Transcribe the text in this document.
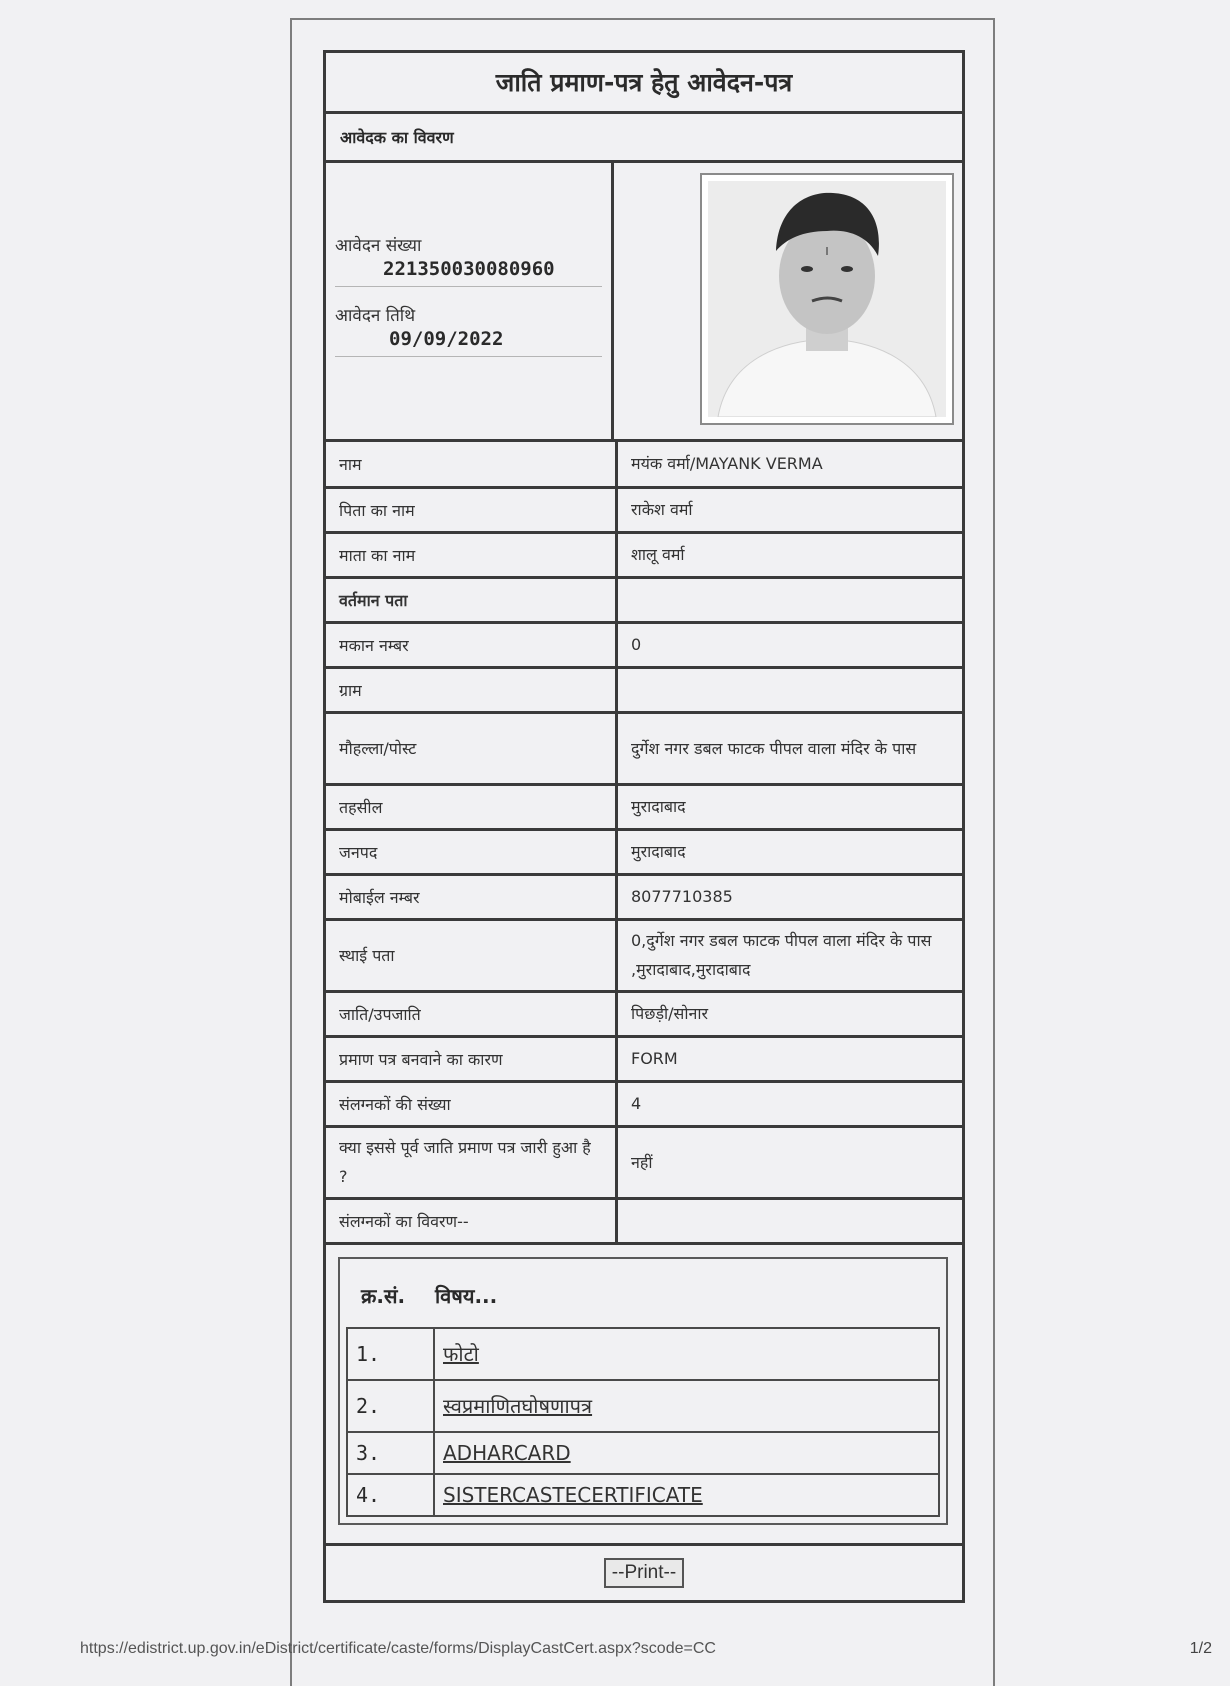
जाति प्रमाण-पत्र हेतु आवेदन-पत्र
आवेदक का विवरण
आवेदन संख्या
221350030080960
आवेदन तिथि
09/09/2022
नाम	मयंक वर्मा/MAYANK VERMA
पिता का नाम	राकेश वर्मा
माता का नाम	शालू वर्मा
वर्तमान पता	
मकान नम्बर	0
ग्राम	
मौहल्ला/पोस्ट	दुर्गेश नगर डबल फाटक पीपल वाला मंदिर के पास
तहसील	मुरादाबाद
जनपद	मुरादाबाद
मोबाईल नम्बर	8077710385
स्थाई पता	0,दुर्गेश नगर डबल फाटक पीपल वाला मंदिर के पास ,मुरादाबाद,मुरादाबाद
जाति/उपजाति	पिछड़ी/सोनार
प्रमाण पत्र बनवाने का कारण	FORM
संलग्नकों की संख्या	4
क्या इससे पूर्व जाति प्रमाण पत्र जारी हुआ है ?	नहीं
संलग्नकों का विवरण--	
क्र.सं.	विषय...
1.	फोटो
2.	स्वप्रमाणितघोषणापत्र
3.	ADHARCARD
4.	SISTERCASTECERTIFICATE
--Print--
https://edistrict.up.gov.in/eDistrict/certificate/caste/forms/DisplayCastCert.aspx?scode=CC	1/2
